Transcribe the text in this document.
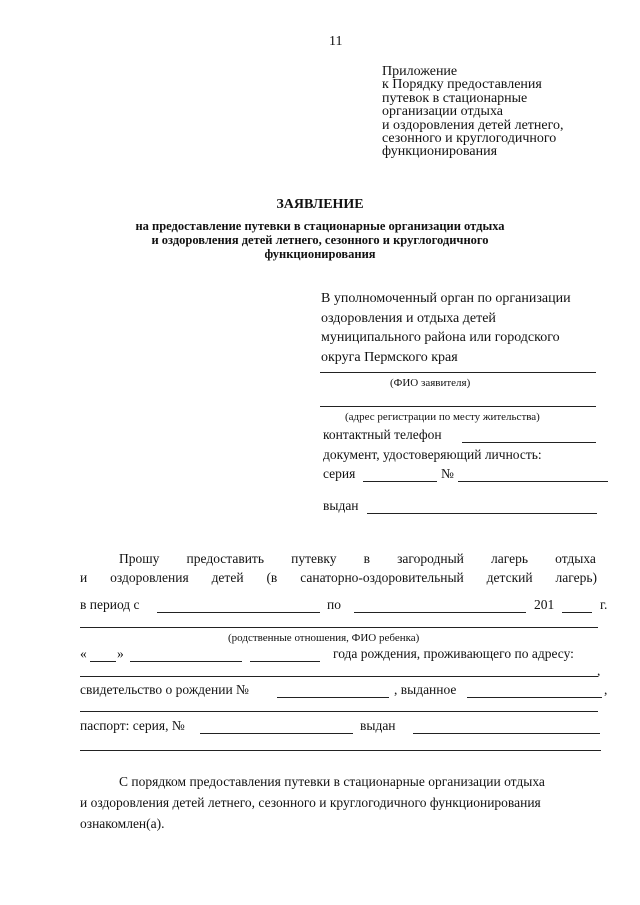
11
Приложение
к Порядку предоставления
путевок в стационарные
организации отдыха
и оздоровления детей летнего,
сезонного и круглогодичного
функционирования
ЗАЯВЛЕНИЕ
на предоставление путевки в стационарные организации отдыха
и оздоровления детей летнего, сезонного и круглогодичного
функционирования
В уполномоченный орган по организации
оздоровления и отдыха детей
муниципального района или городского
округа Пермского края
(ФИО заявителя)
(адрес регистрации по месту жительства)
контактный телефон
документ, удостоверяющий личность:
серия	№
выдан
Прошу предоставить путевку в загородный лагерь отдыха
и оздоровления детей (в санаторно-оздоровительный детский лагерь)
в период с	по	201	г.
(родственные отношения, ФИО ребенка)
« »	года рождения, проживающего по адресу:
,
свидетельство о рождении №	, выданное	,
паспорт: серия, №	выдан
С порядком предоставления путевки в стационарные организации отдыха
и оздоровления детей летнего, сезонного и круглогодичного функционирования
ознакомлен(а).
